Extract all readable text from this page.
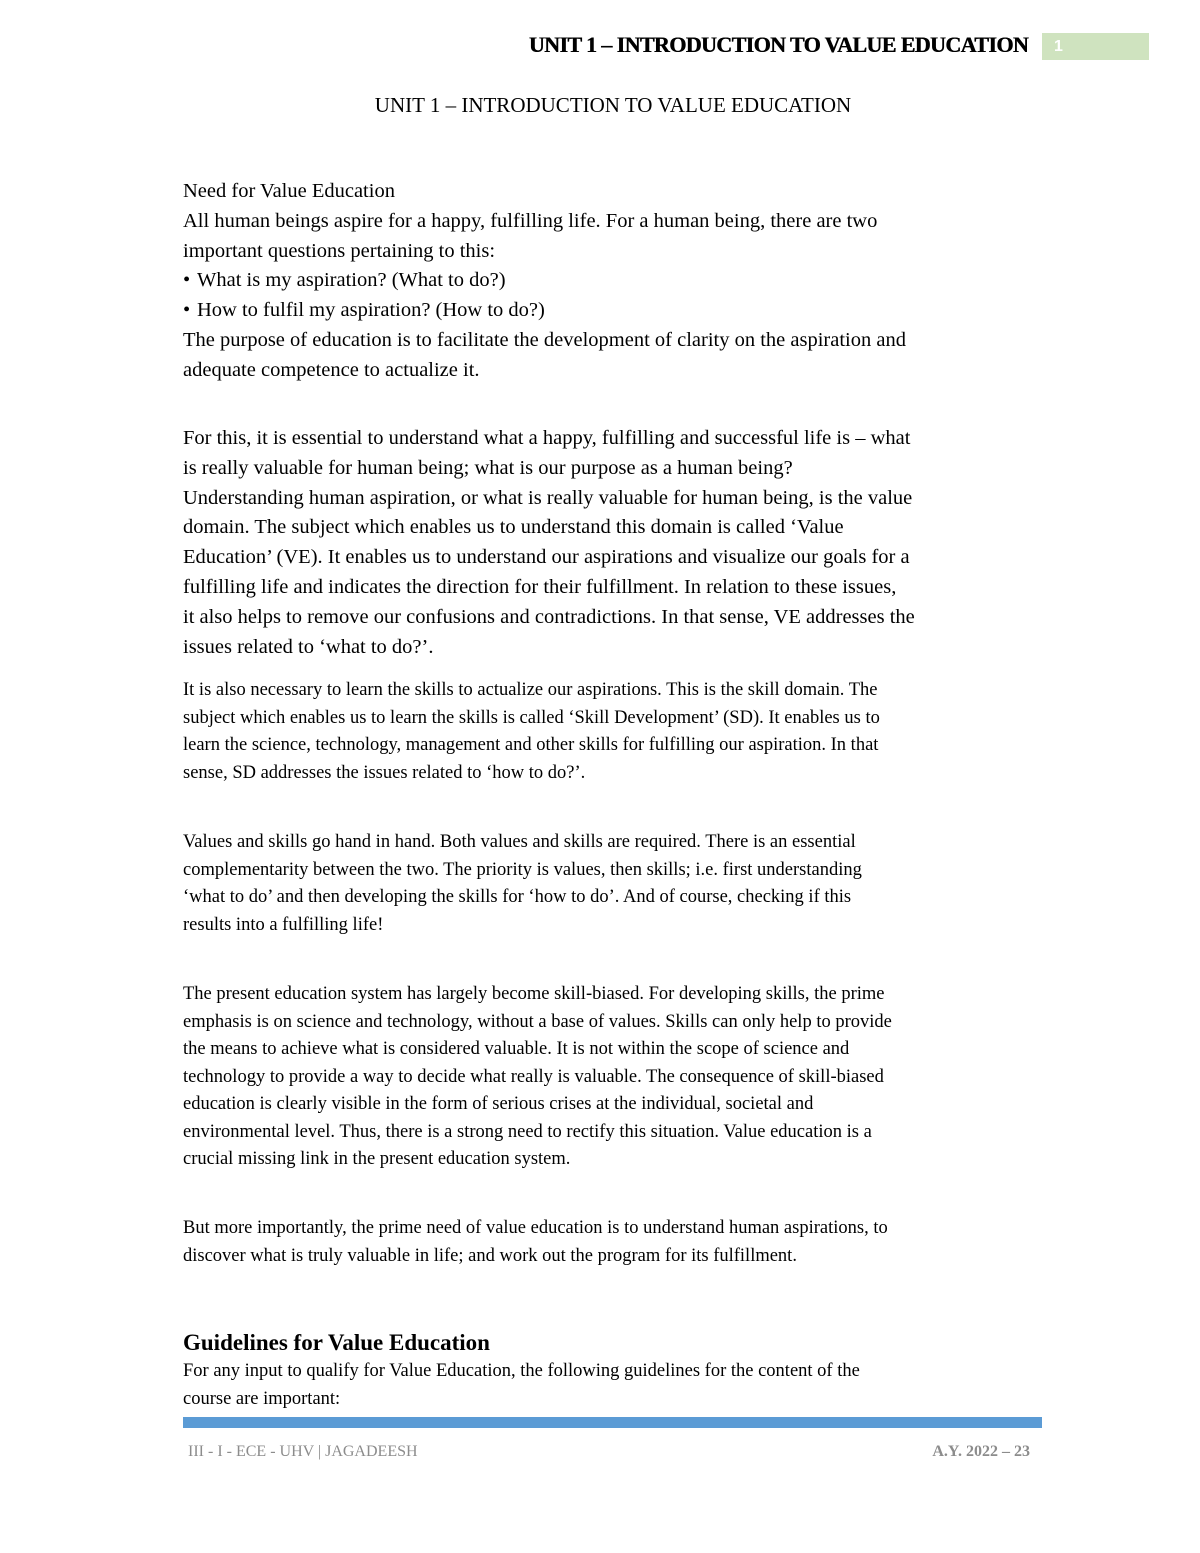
UNIT 1 – INTRODUCTION TO VALUE EDUCATION	1
UNIT 1 – INTRODUCTION TO VALUE EDUCATION

Need for Value Education

All human beings aspire for a happy, fulfilling life. For a human being, there are two

important questions pertaining to this:

• What is my aspiration? (What to do?)

• How to fulfil my aspiration? (How to do?)

The purpose of education is to facilitate the development of clarity on the aspiration and

adequate competence to actualize it.

For this, it is essential to understand what a happy, fulfilling and successful life is – what

is really valuable for human being; what is our purpose as a human being?

Understanding human aspiration, or what is really valuable for human being, is the value

domain. The subject which enables us to understand this domain is called ‘Value

Education’ (VE). It enables us to understand our aspirations and visualize our goals for a

fulfilling life and indicates the direction for their fulfillment. In relation to these issues,

it also helps to remove our confusions and contradictions. In that sense, VE addresses the

issues related to ‘what to do?’.

It is also necessary to learn the skills to actualize our aspirations. This is the skill domain. The

subject which enables us to learn the skills is called ‘Skill Development’ (SD). It enables us to

learn the science, technology, management and other skills for fulfilling our aspiration. In that

sense, SD addresses the issues related to ‘how to do?’.

Values and skills go hand in hand. Both values and skills are required. There is an essential

complementarity between the two. The priority is values, then skills; i.e. first understanding

‘what to do’ and then developing the skills for ‘how to do’. And of course, checking if this

results into a fulfilling life!

The present education system has largely become skill-biased. For developing skills, the prime

emphasis is on science and technology, without a base of values. Skills can only help to provide

the means to achieve what is considered valuable. It is not within the scope of science and

technology to provide a way to decide what really is valuable. The consequence of skill-biased

education is clearly visible in the form of serious crises at the individual, societal and

environmental level. Thus, there is a strong need to rectify this situation. Value education is a

crucial missing link in the present education system.

But more importantly, the prime need of value education is to understand human aspirations, to

discover what is truly valuable in life; and work out the program for its fulfillment.

Guidelines for Value Education

For any input to qualify for Value Education, the following guidelines for the content of the

course are important:

III - I - ECE - UHV | JAGADEESH	A.Y. 2022 – 23
